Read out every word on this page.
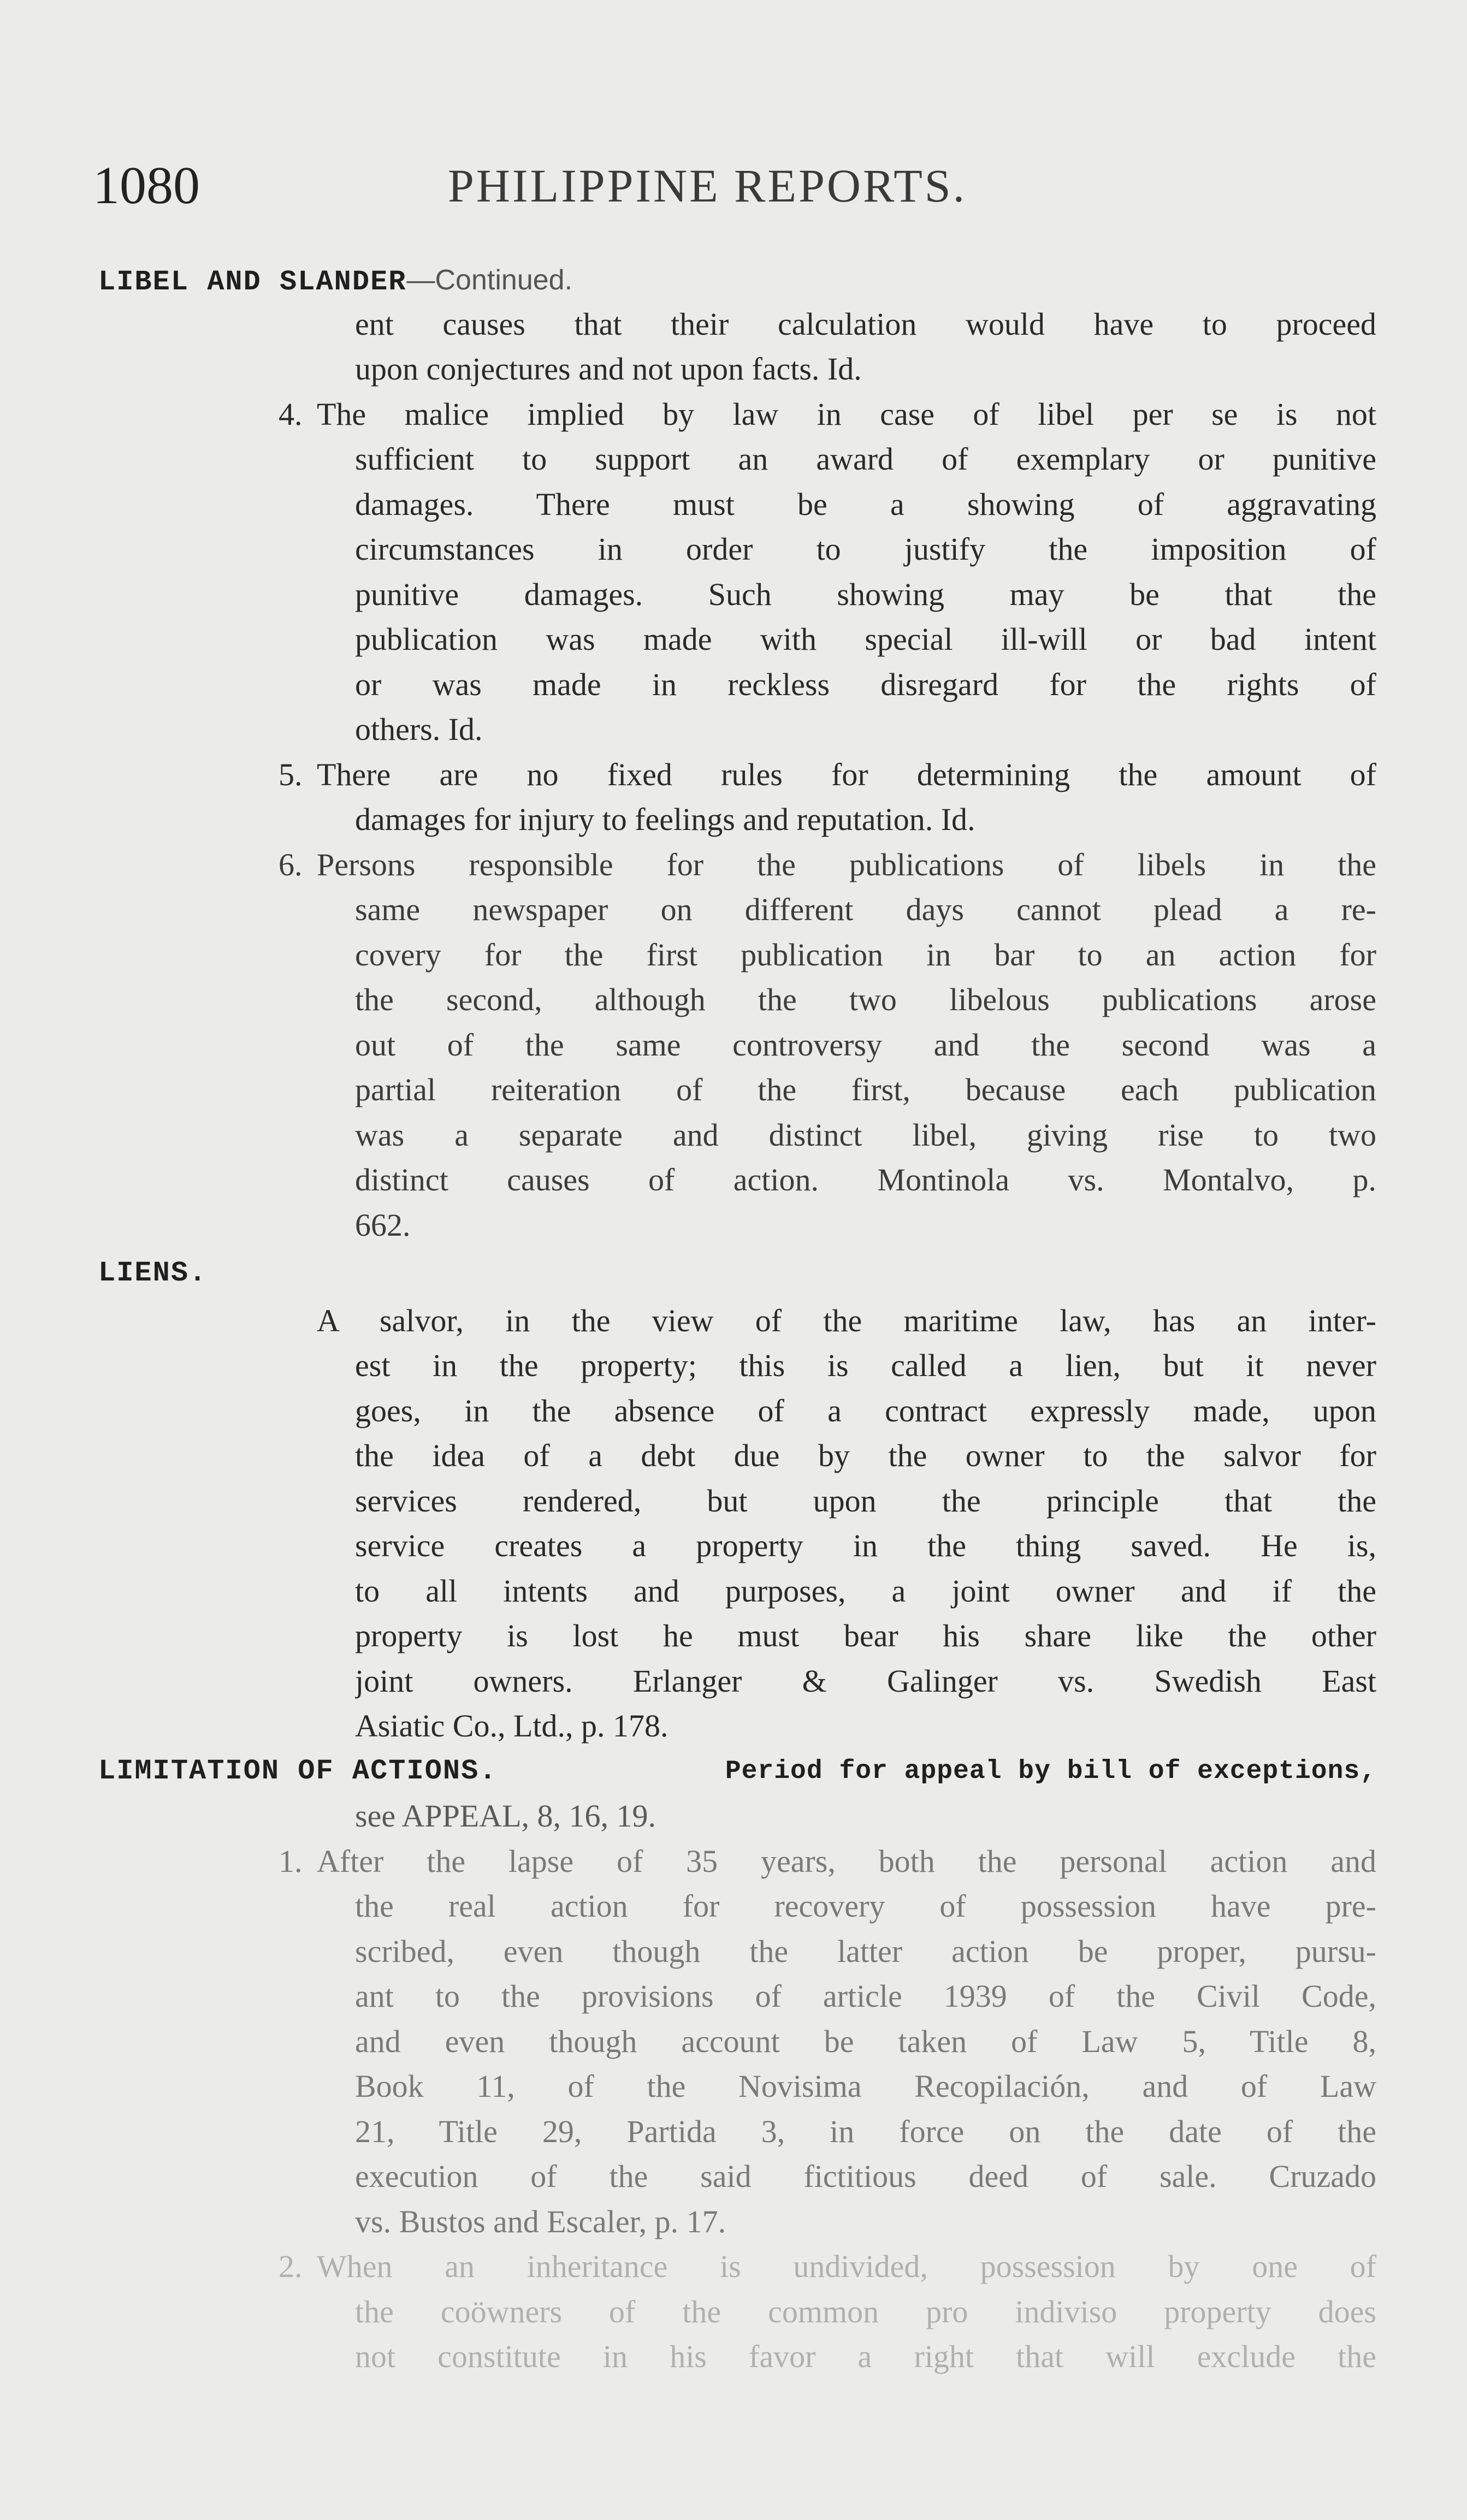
1080	PHILIPPINE REPORTS.
LIBEL AND SLANDER—Continued.
ent causes that their calculation would have to proceed
upon conjectures and not upon facts. Id.
4. The malice implied by law in case of libel per se is not
sufficient to support an award of exemplary or punitive
damages. There must be a showing of aggravating
circumstances in order to justify the imposition of
punitive damages. Such showing may be that the
publication was made with special ill-will or bad intent
or was made in reckless disregard for the rights of
others. Id.
5. There are no fixed rules for determining the amount of
damages for injury to feelings and reputation. Id.
6. Persons responsible for the publications of libels in the
same newspaper on different days cannot plead a re-
covery for the first publication in bar to an action for
the second, although the two libelous publications arose
out of the same controversy and the second was a
partial reiteration of the first, because each publication
was a separate and distinct libel, giving rise to two
distinct causes of action. Montinola vs. Montalvo, p.
662.
LIENS.
A salvor, in the view of the maritime law, has an inter-
est in the property; this is called a lien, but it never
goes, in the absence of a contract expressly made, upon
the idea of a debt due by the owner to the salvor for
services rendered, but upon the principle that the
service creates a property in the thing saved. He is,
to all intents and purposes, a joint owner and if the
property is lost he must bear his share like the other
joint owners. Erlanger & Galinger vs. Swedish East
Asiatic Co., Ltd., p. 178.
LIMITATION OF ACTIONS.	Period for appeal by bill of exceptions,
see APPEAL, 8, 16, 19.
1. After the lapse of 35 years, both the personal action and
the real action for recovery of possession have pre-
scribed, even though the latter action be proper, pursu-
ant to the provisions of article 1939 of the Civil Code,
and even though account be taken of Law 5, Title 8,
Book 11, of the Novisima Recopilación, and of Law
21, Title 29, Partida 3, in force on the date of the
execution of the said fictitious deed of sale. Cruzado
vs. Bustos and Escaler, p. 17.
2. When an inheritance is undivided, possession by one of
the coöwners of the common pro indiviso property does
not constitute in his favor a right that will exclude the
